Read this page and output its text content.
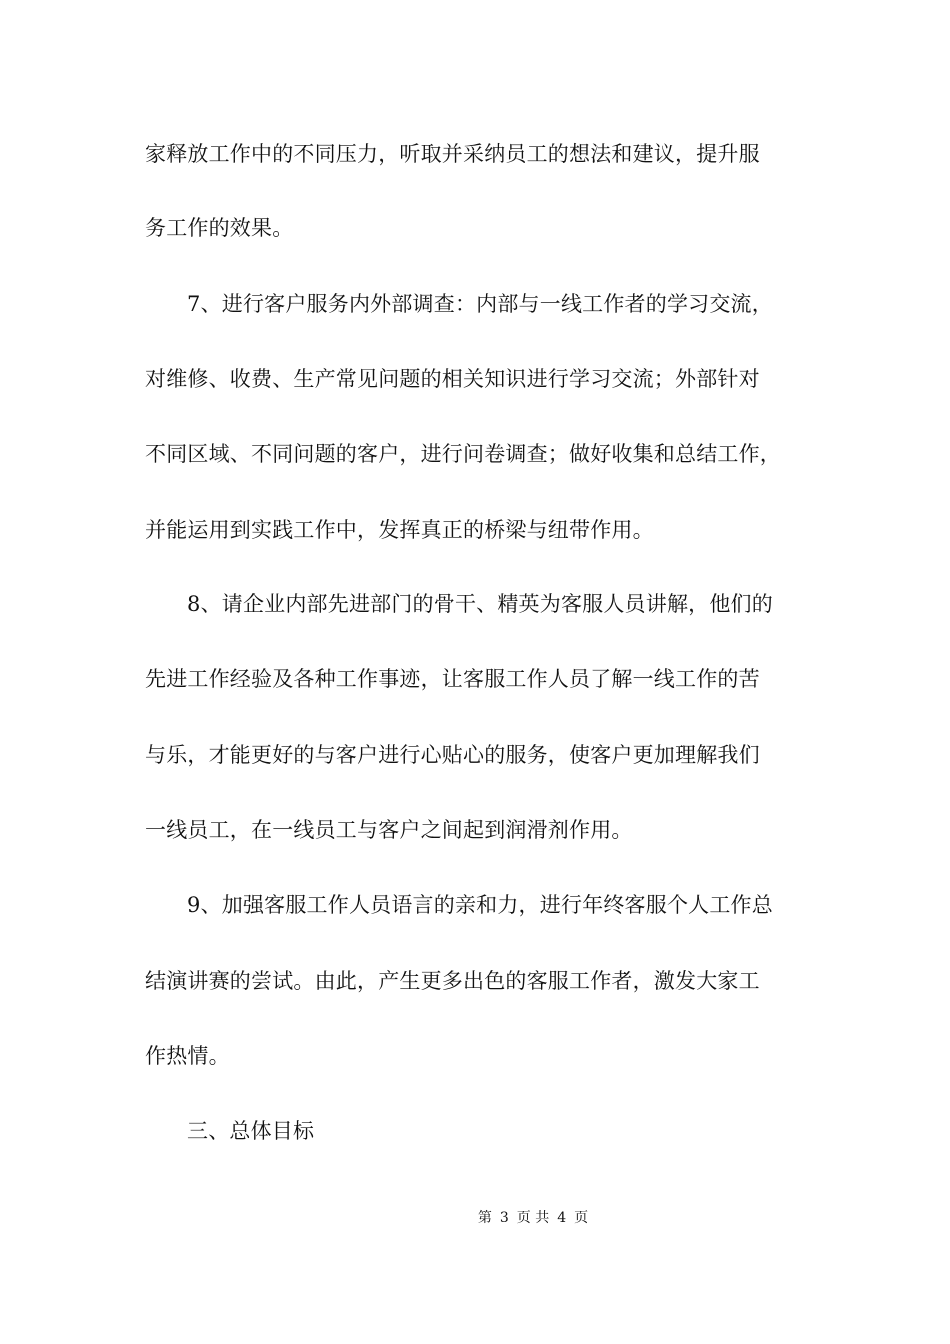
家释放工作中的不同压力，听取并采纳员工的想法和建议，提升服
务工作的效果。
7、进行客户服务内外部调查：内部与一线工作者的学习交流，
对维修、收费、生产常见问题的相关知识进行学习交流；外部针对
不同区域、不同问题的客户，进行问卷调查；做好收集和总结工作，
并能运用到实践工作中，发挥真正的桥梁与纽带作用。
8、请企业内部先进部门的骨干、精英为客服人员讲解，他们的
先进工作经验及各种工作事迹，让客服工作人员了解一线工作的苦
与乐，才能更好的与客户进行心贴心的服务，使客户更加理解我们
一线员工，在一线员工与客户之间起到润滑剂作用。
9、加强客服工作人员语言的亲和力，进行年终客服个人工作总
结演讲赛的尝试。由此，产生更多出色的客服工作者，激发大家工
作热情。
三、总体目标
第 3 页 共 4 页
